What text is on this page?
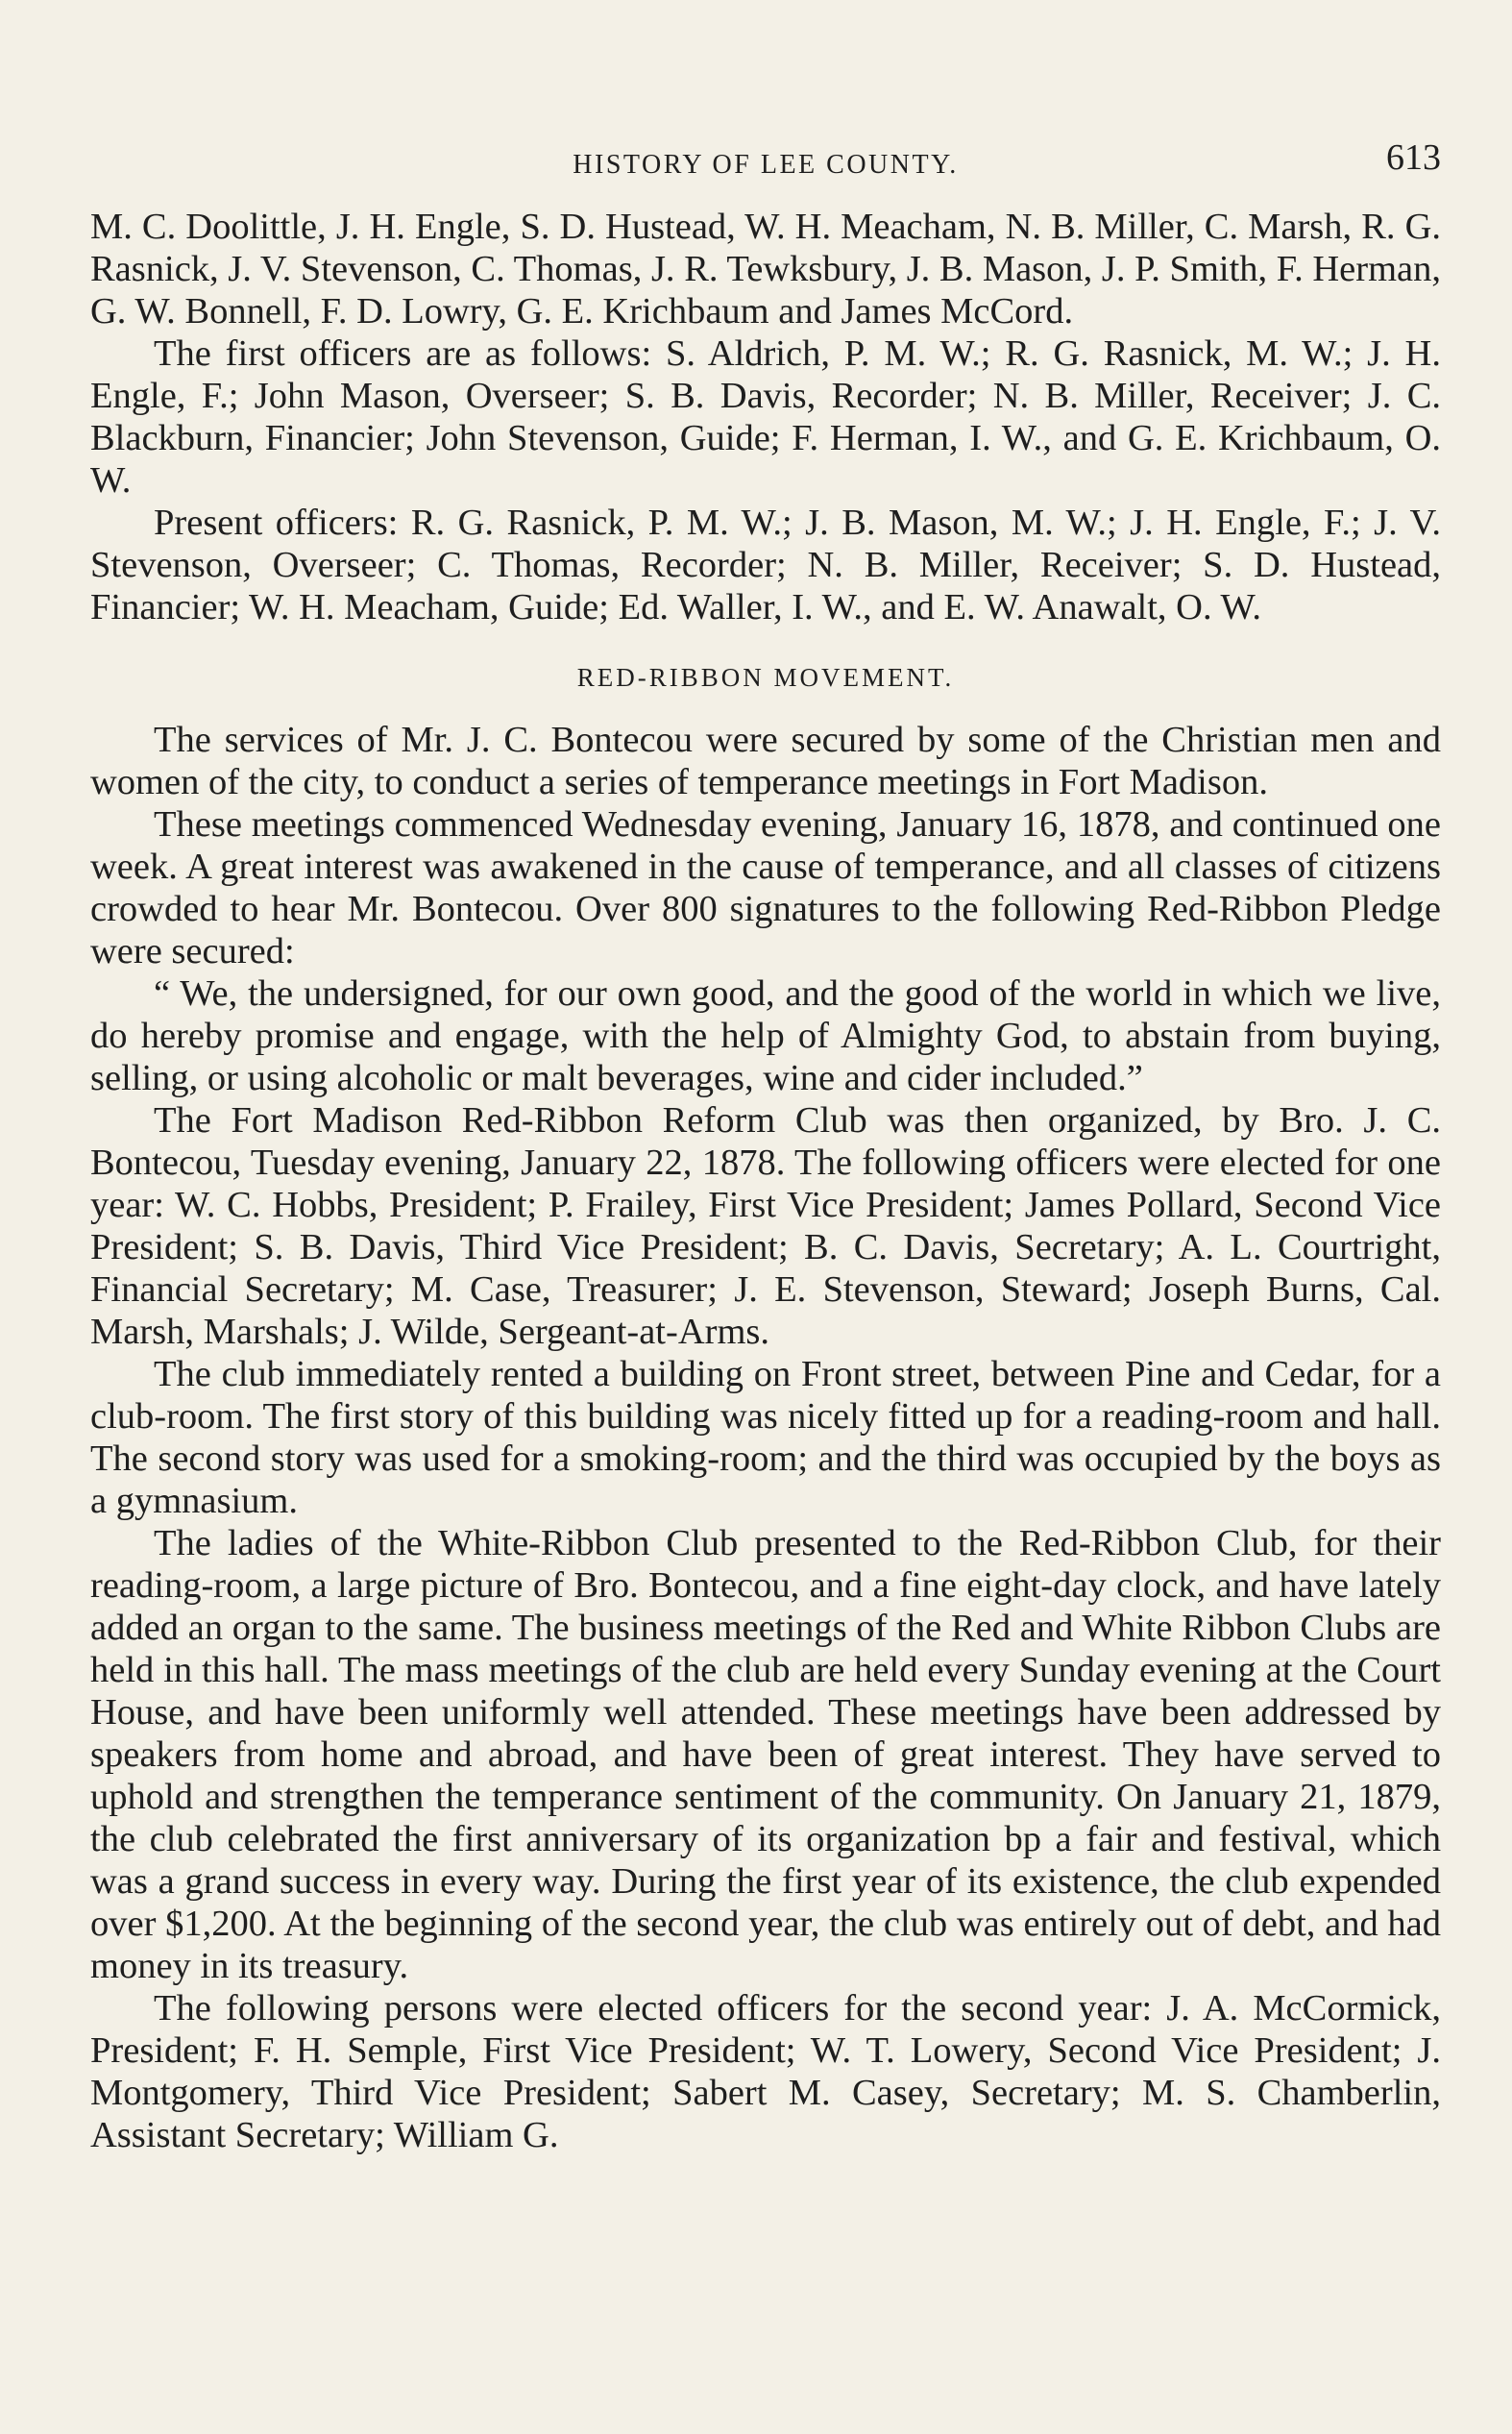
HISTORY OF LEE COUNTY.	613

M. C. Doolittle, J. H. Engle, S. D. Hustead, W. H. Meacham, N. B. Miller, C. Marsh, R. G. Rasnick, J. V. Stevenson, C. Thomas, J. R. Tewksbury, J. B. Mason, J. P. Smith, F. Herman, G. W. Bonnell, F. D. Lowry, G. E. Krichbaum and James McCord.

The first officers are as follows: S. Aldrich, P. M. W.; R. G. Rasnick, M. W.; J. H. Engle, F.; John Mason, Overseer; S. B. Davis, Recorder; N. B. Miller, Receiver; J. C. Blackburn, Financier; John Stevenson, Guide; F. Herman, I. W., and G. E. Krichbaum, O. W.

Present officers: R. G. Rasnick, P. M. W.; J. B. Mason, M. W.; J. H. Engle, F.; J. V. Stevenson, Overseer; C. Thomas, Recorder; N. B. Miller, Receiver; S. D. Hustead, Financier; W. H. Meacham, Guide; Ed. Waller, I. W., and E. W. Anawalt, O. W.

RED-RIBBON MOVEMENT.

The services of Mr. J. C. Bontecou were secured by some of the Christian men and women of the city, to conduct a series of temperance meetings in Fort Madison.

These meetings commenced Wednesday evening, January 16, 1878, and continued one week. A great interest was awakened in the cause of temperance, and all classes of citizens crowded to hear Mr. Bontecou. Over 800 signatures to the following Red-Ribbon Pledge were secured:

“ We, the undersigned, for our own good, and the good of the world in which we live, do hereby promise and engage, with the help of Almighty God, to abstain from buying, selling, or using alcoholic or malt beverages, wine and cider included.”

The Fort Madison Red-Ribbon Reform Club was then organized, by Bro. J. C. Bontecou, Tuesday evening, January 22, 1878. The following officers were elected for one year: W. C. Hobbs, President; P. Frailey, First Vice President; James Pollard, Second Vice President; S. B. Davis, Third Vice President; B. C. Davis, Secretary; A. L. Courtright, Financial Secretary; M. Case, Treasurer; J. E. Stevenson, Steward; Joseph Burns, Cal. Marsh, Marshals; J. Wilde, Sergeant-at-Arms.

The club immediately rented a building on Front street, between Pine and Cedar, for a club-room. The first story of this building was nicely fitted up for a reading-room and hall. The second story was used for a smoking-room; and the third was occupied by the boys as a gymnasium.

The ladies of the White-Ribbon Club presented to the Red-Ribbon Club, for their reading-room, a large picture of Bro. Bontecou, and a fine eight-day clock, and have lately added an organ to the same. The business meetings of the Red and White Ribbon Clubs are held in this hall. The mass meetings of the club are held every Sunday evening at the Court House, and have been uniformly well attended. These meetings have been addressed by speakers from home and abroad, and have been of great interest. They have served to uphold and strengthen the temperance sentiment of the community. On January 21, 1879, the club celebrated the first anniversary of its organization bp a fair and festival, which was a grand success in every way. During the first year of its existence, the club expended over $1,200. At the beginning of the second year, the club was entirely out of debt, and had money in its treasury.

The following persons were elected officers for the second year: J. A. McCormick, President; F. H. Semple, First Vice President; W. T. Lowery, Second Vice President; J. Montgomery, Third Vice President; Sabert M. Casey, Secretary; M. S. Chamberlin, Assistant Secretary; William G.
